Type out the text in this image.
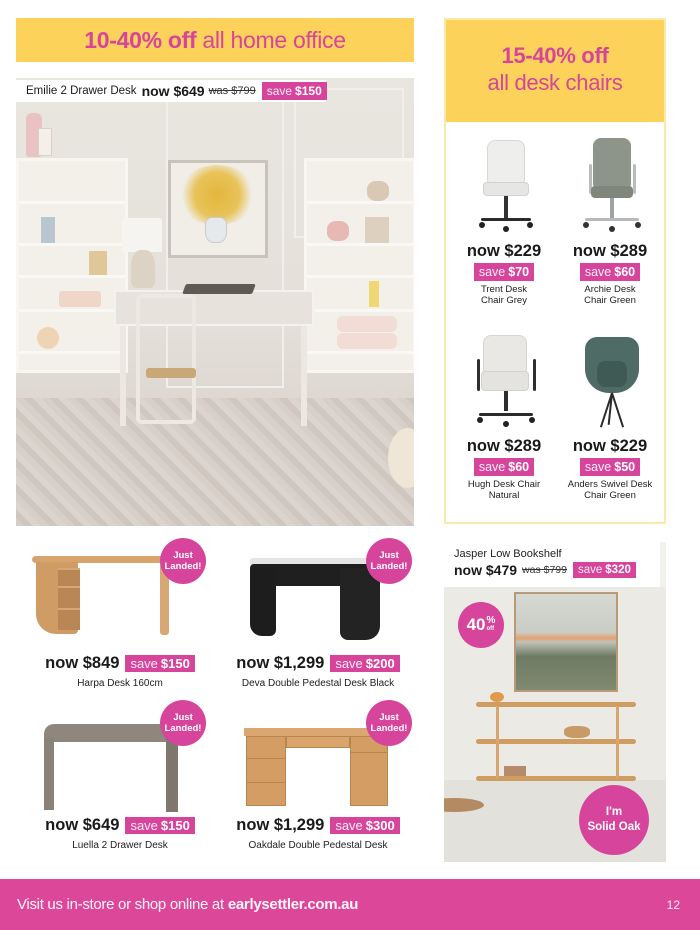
10-40% off all home office
Emilie 2 Drawer Desk now $649 was $799 save $150
15-40% off
all desk chairs
now $229
save $70
Trent Desk
Chair Grey
now $289
save $60
Archie Desk
Chair Green
now $289
save $60
Hugh Desk Chair
Natural
now $229
save $50
Anders Swivel Desk
Chair Green
Just
Landed!
now $849 save $150
Harpa Desk 160cm
Just
Landed!
now $1,299 save $200
Deva Double Pedestal Desk Black
Just
Landed!
now $649 save $150
Luella 2 Drawer Desk
Just
Landed!
now $1,299 save $300
Oakdale Double Pedestal Desk
Jasper Low Bookshelf
now $479 was $799 save $320
40 %
off
I'm
Solid Oak
Visit us in-store or shop online at earlysettler.com.au	12
